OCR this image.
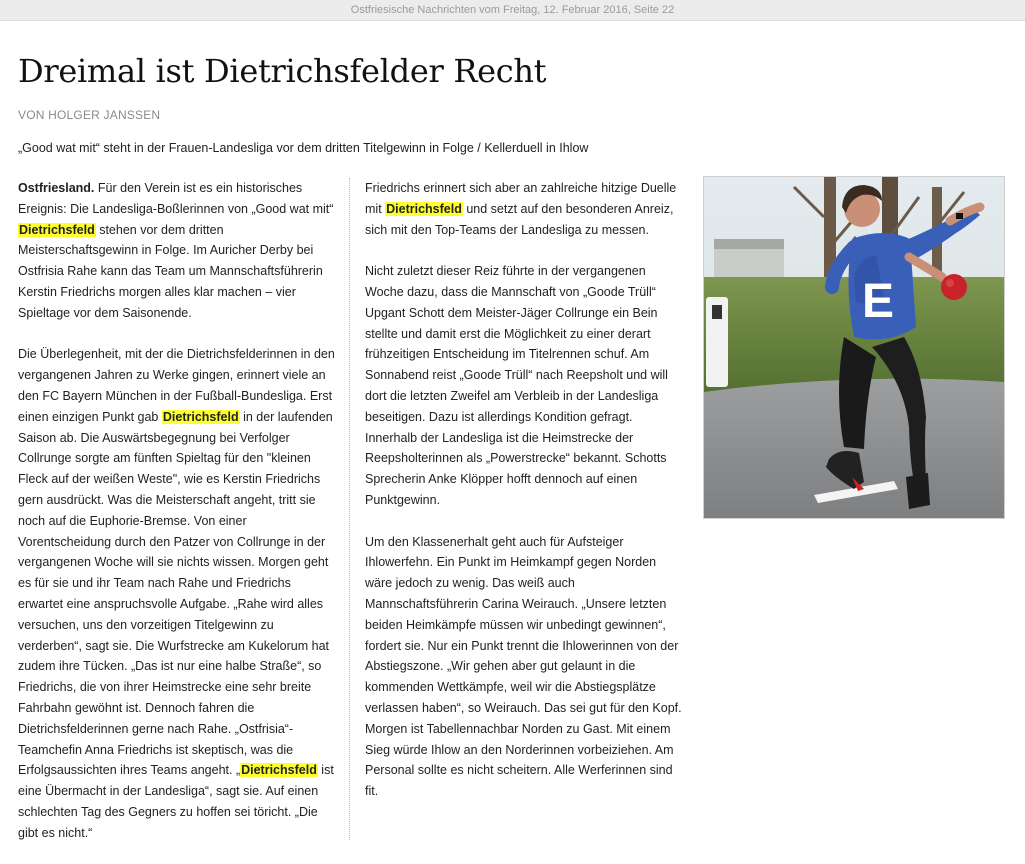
Ostfriesische Nachrichten vom Freitag, 12. Februar 2016, Seite 22
Dreimal ist Dietrichsfelder Recht
VON HOLGER JANSSEN
„Good wat mit“ steht in der Frauen-Landesliga vor dem dritten Titelgewinn in Folge / Kellerduell in Ihlow

Ostfriesland. Für den Verein ist es ein historisches Ereignis: Die Landesliga-Boßlerinnen von „Good wat mit“ Dietrichsfeld stehen vor dem dritten Meisterschaftsgewinn in Folge. Im Auricher Derby bei Ostfrisia Rahe kann das Team um Mannschaftsführerin Kerstin Friedrichs morgen alles klar machen – vier Spieltage vor dem Saisonende.

Die Überlegenheit, mit der die Dietrichsfelderinnen in den vergangenen Jahren zu Werke gingen, erinnert viele an den FC Bayern München in der Fußball-Bundesliga. Erst einen einzigen Punkt gab Dietrichsfeld in der laufenden Saison ab. Die Auswärtsbegegnung bei Verfolger Collrunge sorgte am fünften Spieltag für den "kleinen Fleck auf der weißen Weste", wie es Kerstin Friedrichs gern ausdrückt. Was die Meisterschaft angeht, tritt sie noch auf die Euphorie-Bremse. Von einer Vorentscheidung durch den Patzer von Collrunge in der vergangenen Woche will sie nichts wissen. Morgen geht es für sie und ihr Team nach Rahe und Friedrichs erwartet eine anspruchsvolle Aufgabe. „Rahe wird alles versuchen, uns den vorzeitigen Titelgewinn zu verderben“, sagt sie. Die Wurfstrecke am Kukelorum hat zudem ihre Tücken. „Das ist nur eine halbe Straße“, so Friedrichs, die von ihrer Heimstrecke eine sehr breite Fahrbahn gewöhnt ist. Dennoch fahren die Dietrichsfelderinnen gerne nach Rahe. „Ostfrisia“-Teamchefin Anna Friedrichs ist skeptisch, was die Erfolgsaussichten ihres Teams angeht. „Dietrichsfeld ist eine Übermacht in der Landesliga“, sagt sie. Auf einen schlechten Tag des Gegners zu hoffen sei töricht. „Die gibt es nicht.“

Friedrichs erinnert sich aber an zahlreiche hitzige Duelle mit Dietrichsfeld und setzt auf den besonderen Anreiz, sich mit den Top-Teams der Landesliga zu messen.

Nicht zuletzt dieser Reiz führte in der vergangenen Woche dazu, dass die Mannschaft von „Goode Trüll“ Upgant Schott dem Meister-Jäger Collrunge ein Bein stellte und damit erst die Möglichkeit zu einer derart frühzeitigen Entscheidung im Titelrennen schuf. Am Sonnabend reist „Goode Trüll“ nach Reepsholt und will dort die letzten Zweifel am Verbleib in der Landesliga beseitigen. Dazu ist allerdings Kondition gefragt. Innerhalb der Landesliga ist die Heimstrecke der Reepsholterinnen als „Powerstrecke“ bekannt. Schotts Sprecherin Anke Klöpper hofft dennoch auf einen Punktgewinn.

Um den Klassenerhalt geht auch für Aufsteiger Ihlowerfehn. Ein Punkt im Heimkampf gegen Norden wäre jedoch zu wenig. Das weiß auch Mannschaftsführerin Carina Weirauch. „Unsere letzten beiden Heimkämpfe müssen wir unbedingt gewinnen“, fordert sie. Nur ein Punkt trennt die Ihlowerinnen von der Abstiegszone. „Wir gehen aber gut gelaunt in die kommenden Wettkämpfe, weil wir die Abstiegsplätze verlassen haben“, so Weirauch. Das sei gut für den Kopf. Morgen ist Tabellennachbar Norden zu Gast. Mit einem Sieg würde Ihlow an den Norderinnen vorbeiziehen. Am Personal sollte es nicht scheitern. Alle Werferinnen sind fit.

E
